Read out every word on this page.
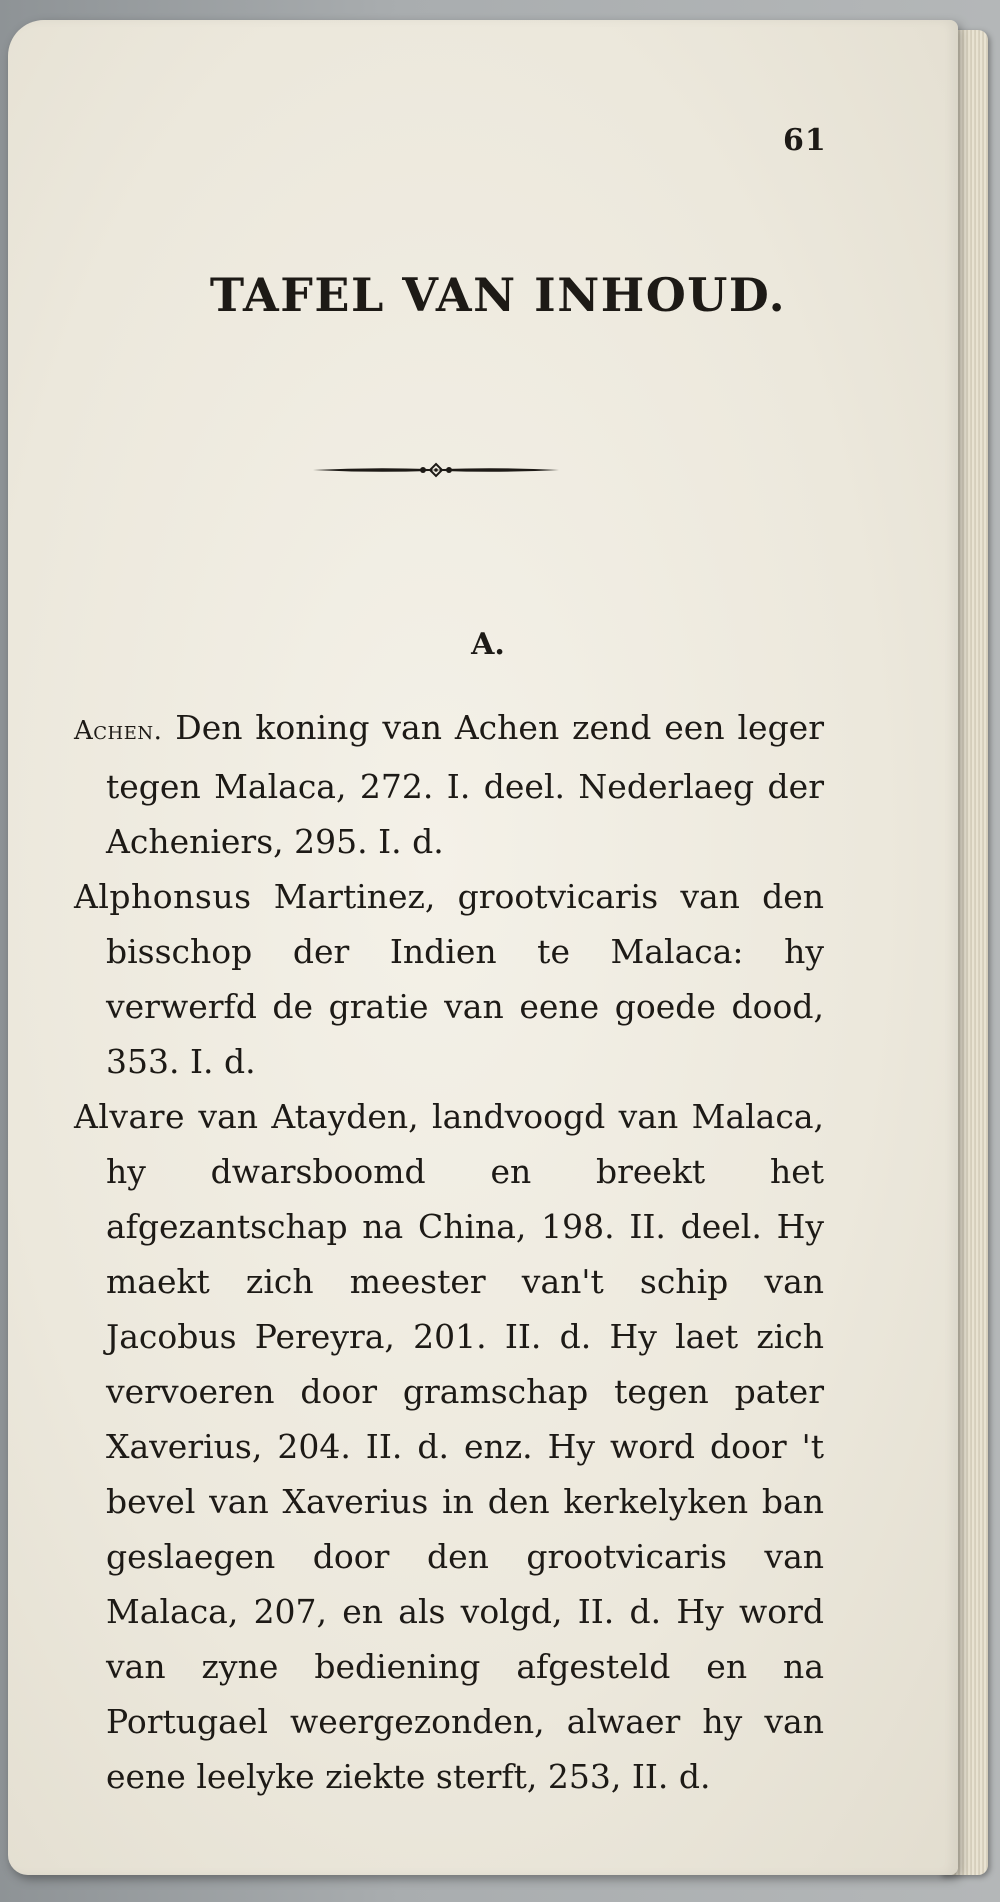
61
TAFEL VAN INHOUD.
A.

Achen. Den koning van Achen zend een leger tegen Malaca, 272. I. deel. Nederlaeg der Acheniers, 295. I. d.

Alphonsus Martinez, grootvicaris van den bisschop der Indien te Malaca: hy verwerfd de gratie van eene goede dood, 353. I. d.

Alvare van Atayden, landvoogd van Malaca, hy dwarsboomd en breekt het afgezantschap na China, 198. II. deel. Hy maekt zich meester van't schip van Jacobus Pereyra, 201. II. d. Hy laet zich vervoeren door gramschap tegen pater Xaverius, 204. II. d. enz. Hy word door 't bevel van Xaverius in den kerkelyken ban geslaegen door den grootvicaris van Malaca, 207, en als volgd, II. d. Hy word van zyne bediening afgesteld en na Portugael weergezonden, alwaer hy van eene leelyke ziekte sterft, 253, II. d.
